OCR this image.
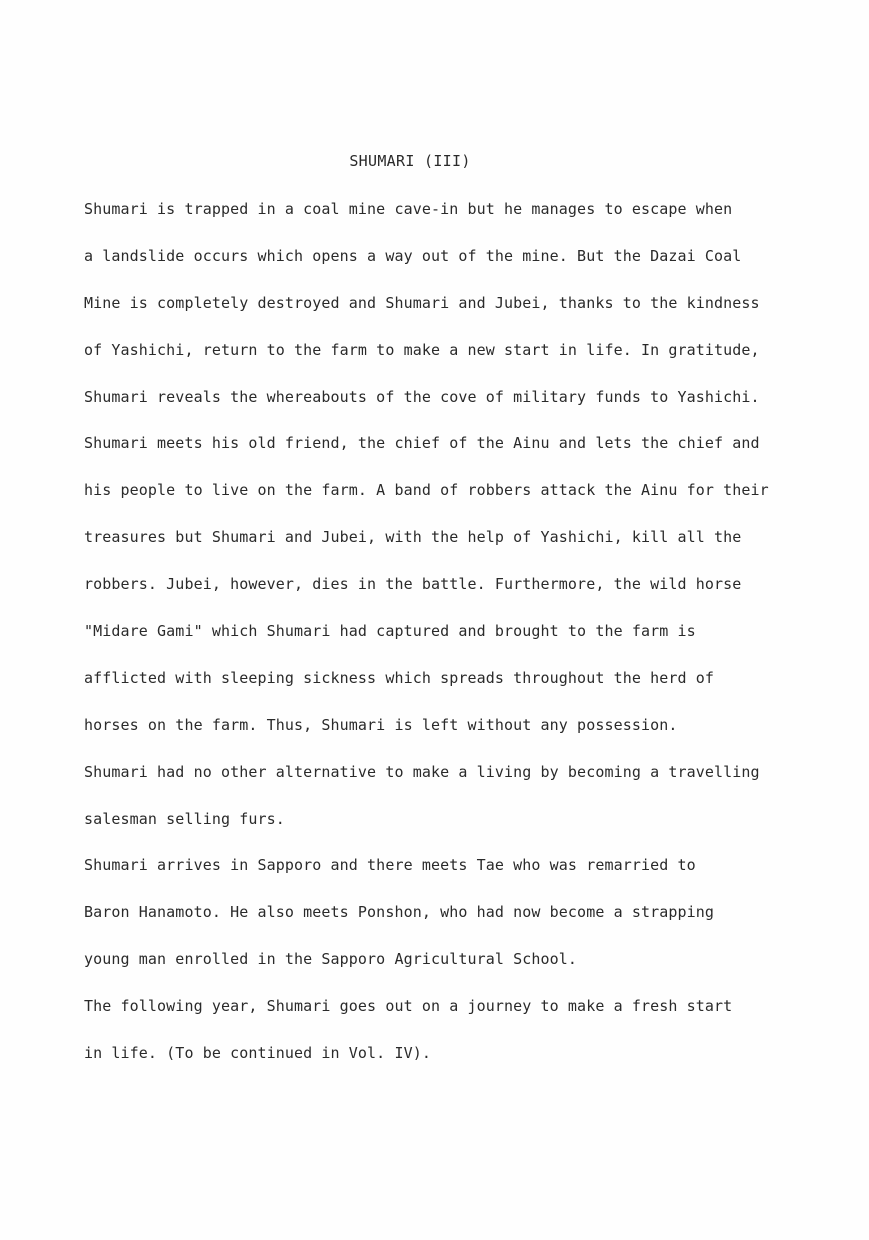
SHUMARI (III)
Shumari is trapped in a coal mine cave-in but he manages to escape when
a landslide occurs which opens a way out of the mine. But the Dazai Coal
Mine is completely destroyed and Shumari and Jubei, thanks to the kindness
of Yashichi, return to the farm to make a new start in life. In gratitude,
Shumari reveals the whereabouts of the cove of military funds to Yashichi.
Shumari meets his old friend, the chief of the Ainu and lets the chief and
his people to live on the farm. A band of robbers attack the Ainu for their
treasures but Shumari and Jubei, with the help of Yashichi, kill all the
robbers. Jubei, however, dies in the battle. Furthermore, the wild horse
"Midare Gami" which Shumari had captured and brought to the farm is
afflicted with sleeping sickness which spreads throughout the herd of
horses on the farm. Thus, Shumari is left without any possession.
Shumari had no other alternative to make a living by becoming a travelling
salesman selling furs.
Shumari arrives in Sapporo and there meets Tae who was remarried to
Baron Hanamoto. He also meets Ponshon, who had now become a strapping
young man enrolled in the Sapporo Agricultural School.
The following year, Shumari goes out on a journey to make a fresh start
in life. (To be continued in Vol. IV).
